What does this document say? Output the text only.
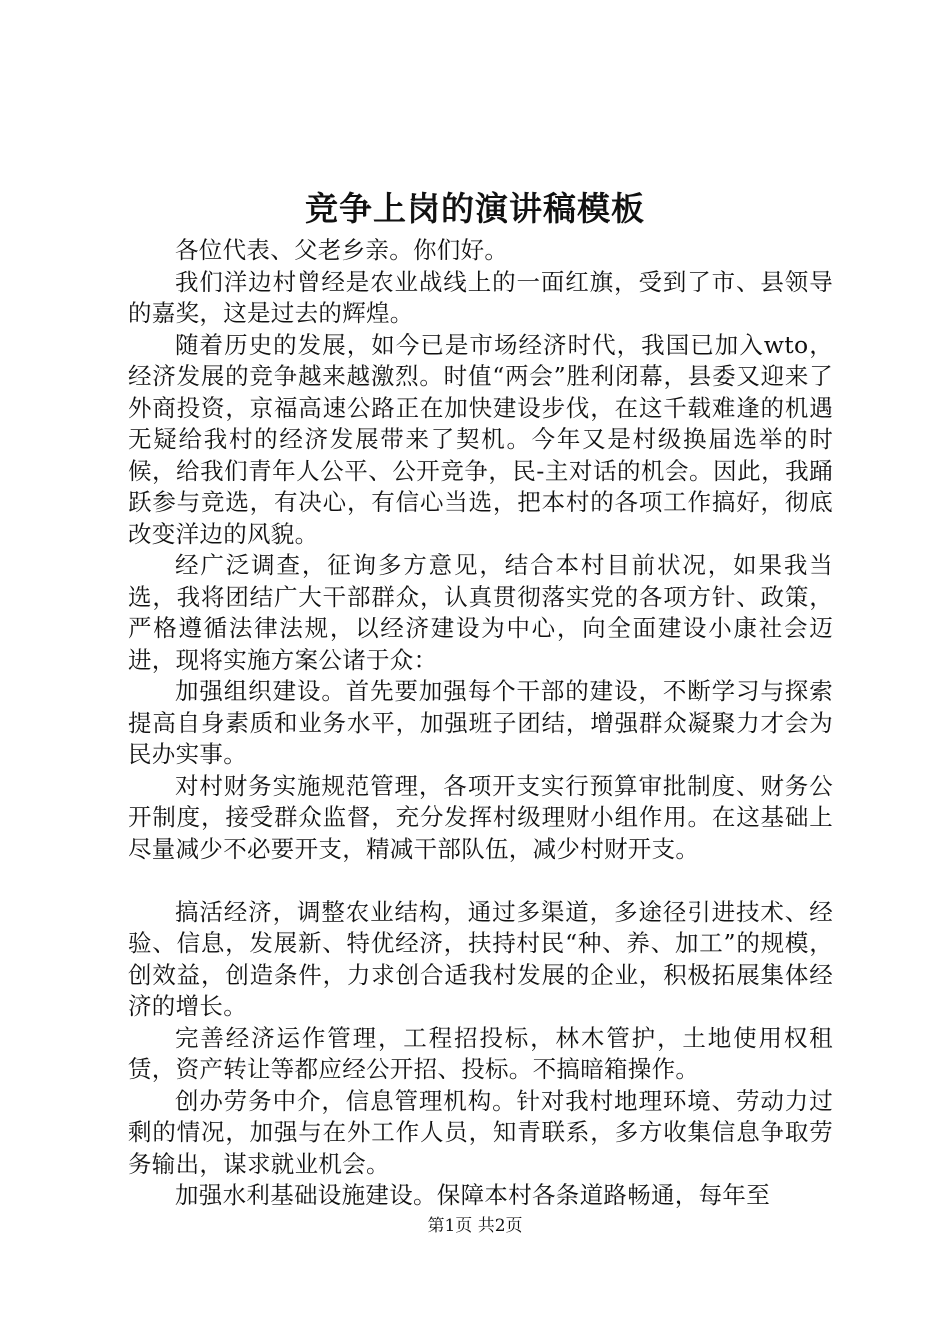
竞争上岗的演讲稿模板

各位代表、父老乡亲。你们好。

我们洋边村曾经是农业战线上的一面红旗，受到了市、县领导的嘉奖，这是过去的辉煌。

随着历史的发展，如今已是市场经济时代，我国已加入wto，经济发展的竞争越来越激烈。时值“两会”胜利闭幕，县委又迎来了外商投资，京福高速公路正在加快建设步伐，在这千载难逢的机遇无疑给我村的经济发展带来了契机。今年又是村级换届选举的时候，给我们青年人公平、公开竞争，民-主对话的机会。因此，我踊跃参与竞选，有决心，有信心当选，把本村的各项工作搞好，彻底改变洋边的风貌。

经广泛调查，征询多方意见，结合本村目前状况，如果我当选，我将团结广大干部群众，认真贯彻落实党的各项方针、政策，严格遵循法律法规，以经济建设为中心，向全面建设小康社会迈进，现将实施方案公诸于众：

加强组织建设。首先要加强每个干部的建设，不断学习与探索提高自身素质和业务水平，加强班子团结，增强群众凝聚力才会为民办实事。

对村财务实施规范管理，各项开支实行预算审批制度、财务公开制度，接受群众监督，充分发挥村级理财小组作用。在这基础上尽量减少不必要开支，精减干部队伍，减少村财开支。

搞活经济，调整农业结构，通过多渠道，多途径引进技术、经验、信息，发展新、特优经济，扶持村民“种、养、加工”的规模，创效益，创造条件，力求创合适我村发展的企业，积极拓展集体经济的增长。

完善经济运作管理，工程招投标，林木管护，土地使用权租赁，资产转让等都应经公开招、投标。不搞暗箱操作。

创办劳务中介，信息管理机构。针对我村地理环境、劳动力过剩的情况，加强与在外工作人员，知青联系，多方收集信息争取劳务输出，谋求就业机会。

加强水利基础设施建设。保障本村各条道路畅通，每年至

第1页 共2页
